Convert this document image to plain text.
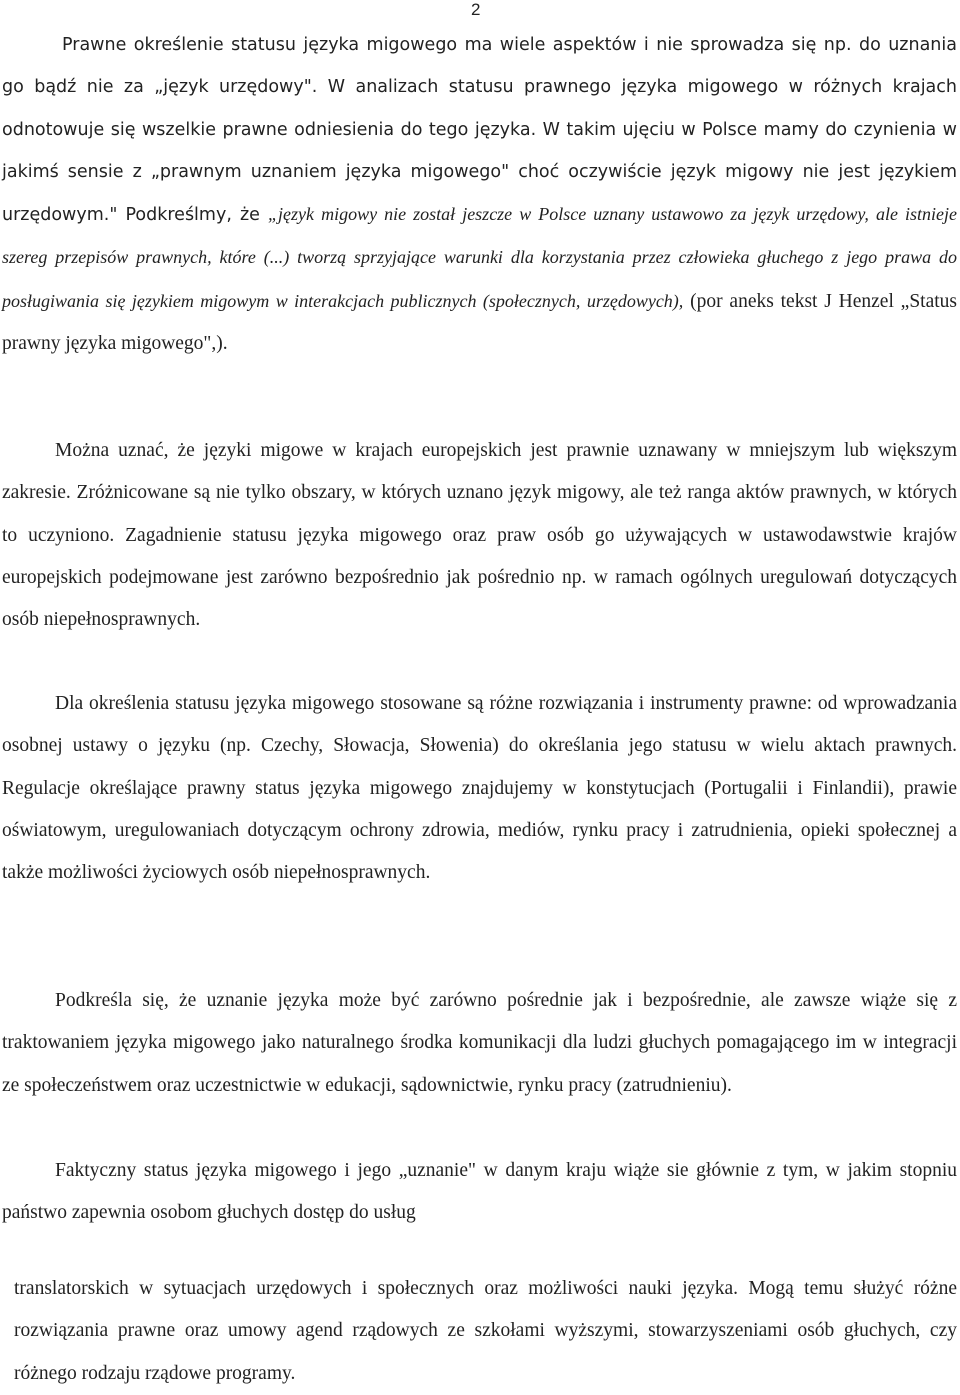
2

Prawne określenie statusu języka migowego ma wiele aspektów i nie sprowadza się np. do uznania go bądź nie za „język urzędowy". W analizach statusu prawnego języka migowego w różnych krajach odnotowuje się wszelkie prawne odniesienia do tego języka. W takim ujęciu w Polsce mamy do czynienia w jakimś sensie z „prawnym uznaniem języka migowego" choć oczywiście język migowy nie jest językiem urzędowym." Podkreślmy, że „język migowy nie został jeszcze w Polsce uznany ustawowo za język urzędowy, ale istnieje szereg przepisów prawnych, które (...) tworzą sprzyjające warunki dla korzystania przez człowieka głuchego z jego prawa do posługiwania się językiem migowym w interakcjach publicznych (społecznych, urzędowych), (por aneks tekst J Henzel „Status prawny języka migowego",).

Można uznać, że języki migowe w krajach europejskich jest prawnie uznawany w mniejszym lub większym zakresie. Zróżnicowane są nie tylko obszary, w których uznano język migowy, ale też ranga aktów prawnych, w których to uczyniono. Zagadnienie statusu języka migowego oraz praw osób go używających w ustawodawstwie krajów europejskich podejmowane jest zarówno bezpośrednio jak pośrednio np. w ramach ogólnych uregulowań dotyczących osób niepełnosprawnych.

Dla określenia statusu języka migowego stosowane są różne rozwiązania i instrumenty prawne: od wprowadzania osobnej ustawy o języku (np. Czechy, Słowacja, Słowenia) do określania jego statusu w wielu aktach prawnych. Regulacje określające prawny status języka migowego znajdujemy w konstytucjach (Portugalii i Finlandii), prawie oświatowym, uregulowaniach dotyczącym ochrony zdrowia, mediów, rynku pracy i zatrudnienia, opieki społecznej a także możliwości życiowych osób niepełnosprawnych.

Podkreśla się, że uznanie języka może być zarówno pośrednie jak i bezpośrednie, ale zawsze wiąże się z traktowaniem języka migowego jako naturalnego środka komunikacji dla ludzi głuchych pomagającego im w integracji ze społeczeństwem oraz uczestnictwie w edukacji, sądownictwie, rynku pracy (zatrudnieniu).

Faktyczny status języka migowego i jego „uznanie" w danym kraju wiąże sie głównie z tym, w jakim stopniu państwo zapewnia osobom głuchych dostęp do usług

translatorskich w sytuacjach urzędowych i społecznych oraz możliwości nauki języka. Mogą temu służyć różne rozwiązania prawne oraz umowy agend rządowych ze szkołami wyższymi, stowarzyszeniami osób głuchych, czy różnego rodzaju rządowe programy.
